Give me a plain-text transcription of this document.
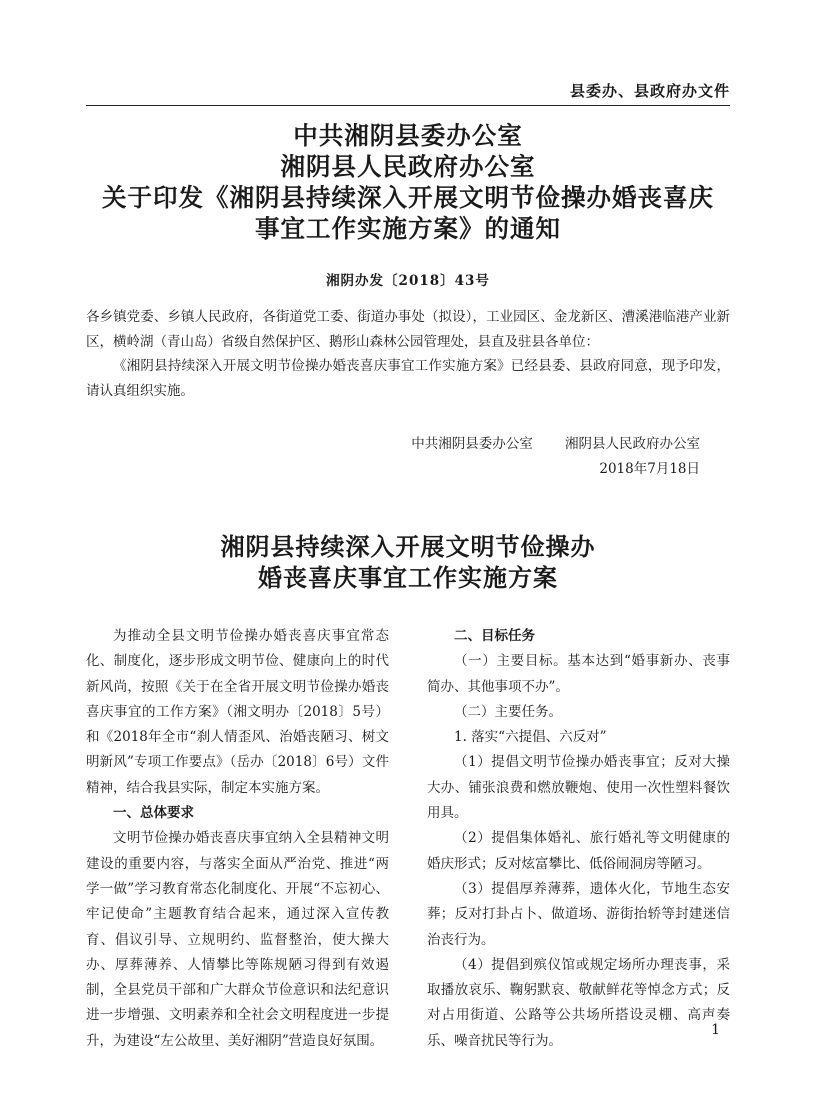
县委办、县政府办文件
中共湘阴县委办公室
湘阴县人民政府办公室
关于印发《湘阴县持续深入开展文明节俭操办婚丧喜庆
事宜工作实施方案》的通知
湘阴办发〔2018〕43号
各乡镇党委、乡镇人民政府，各街道党工委、街道办事处（拟设），工业园区、金龙新区、漕溪港临港产业新区，横岭湖（青山岛）省级自然保护区、鹅形山森林公园管理处，县直及驻县各单位：
《湘阴县持续深入开展文明节俭操办婚丧喜庆事宜工作实施方案》已经县委、县政府同意，现予印发，请认真组织实施。
中共湘阴县委办公室 湘阴县人民政府办公室
2018年7月18日
湘阴县持续深入开展文明节俭操办
婚丧喜庆事宜工作实施方案

为推动全县文明节俭操办婚丧喜庆事宜常态化、制度化，逐步形成文明节俭、健康向上的时代新风尚，按照《关于在全省开展文明节俭操办婚丧喜庆事宜的工作方案》（湘文明办〔2018〕5号）和《2018年全市“刹人情歪风、治婚丧陋习、树文明新风”专项工作要点》（岳办〔2018〕6号）文件精神，结合我县实际，制定本实施方案。

一、总体要求

文明节俭操办婚丧喜庆事宜纳入全县精神文明建设的重要内容，与落实全面从严治党、推进“两学一做”学习教育常态化制度化、开展“不忘初心、牢记使命”主题教育结合起来，通过深入宣传教育、倡议引导、立规明约、监督整治，使大操大办、厚葬薄养、人情攀比等陈规陋习得到有效遏制，全县党员干部和广大群众节俭意识和法纪意识进一步增强、文明素养和全社会文明程度进一步提升，为建设“左公故里、美好湘阴”营造良好氛围。

二、目标任务

（一）主要目标。基本达到“婚事新办、丧事简办、其他事项不办”。

（二）主要任务。

1. 落实“六提倡、六反对”

（1）提倡文明节俭操办婚丧事宜；反对大操大办、铺张浪费和燃放鞭炮、使用一次性塑料餐饮用具。

（2）提倡集体婚礼、旅行婚礼等文明健康的婚庆形式；反对炫富攀比、低俗闹洞房等陋习。

（3）提倡厚养薄葬，遗体火化，节地生态安葬；反对打卦占卜、做道场、游街抬轿等封建迷信治丧行为。

（4）提倡到殡仪馆或规定场所办理丧事，采取播放哀乐、鞠躬默哀、敬献鲜花等悼念方式；反对占用街道、公路等公共场所搭设灵棚、高声奏乐、噪音扰民等行为。

1
